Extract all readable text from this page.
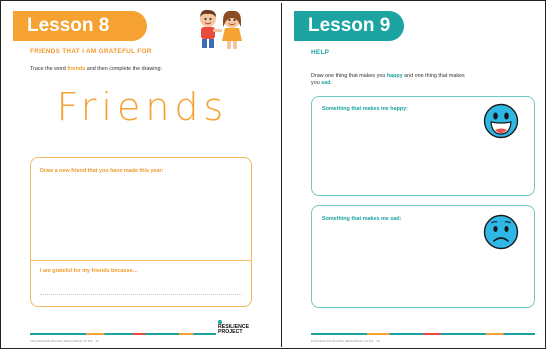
Lesson 8
FRIENDS THAT I AM GRATEFUL FOR
Trace the word friends and then complete the drawing:
Friends
Draw a new friend that you have made this year:
I am grateful for my friends because…
FOUNDATION DIGITAL RESOURCE YR 8/9 · 16
RESILIENCE
PROJECT
Lesson 9
HELP
Draw one thing that makes you happy and one thing that makes
you sad.
Something that makes me happy:
Something that makes me sad:
FOUNDATION DIGITAL RESOURCE YR 8/9 · 16
